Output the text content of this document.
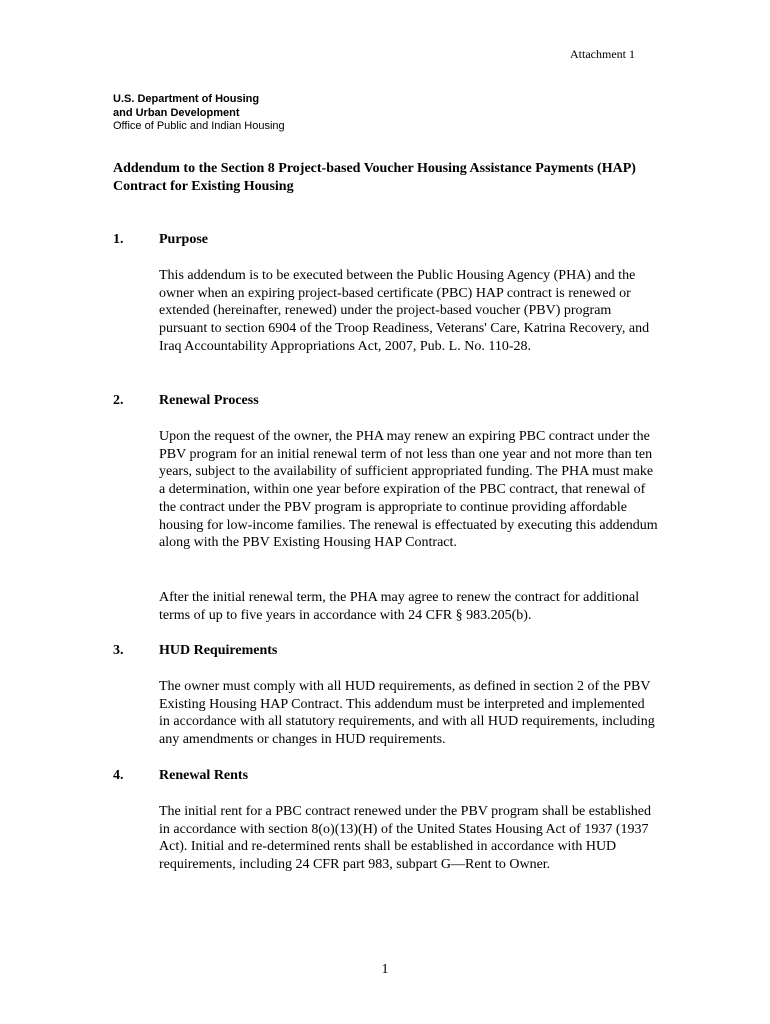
Attachment 1
U.S. Department of Housing
and Urban Development
Office of Public and Indian Housing
Addendum to the Section 8 Project-based Voucher Housing Assistance Payments (HAP) Contract for Existing Housing
1.	Purpose

This addendum is to be executed between the Public Housing Agency (PHA) and the owner when an expiring project-based certificate (PBC) HAP contract is renewed or extended (hereinafter, renewed) under the project-based voucher (PBV) program pursuant to section 6904 of the Troop Readiness, Veterans' Care, Katrina Recovery, and Iraq Accountability Appropriations Act, 2007, Pub. L. No. 110-28.

2.	Renewal Process

Upon the request of the owner, the PHA may renew an expiring PBC contract under the PBV program for an initial renewal term of not less than one year and not more than ten years, subject to the availability of sufficient appropriated funding. The PHA must make a determination, within one year before expiration of the PBC contract, that renewal of the contract under the PBV program is appropriate to continue providing affordable housing for low-income families. The renewal is effectuated by executing this addendum along with the PBV Existing Housing HAP Contract.

After the initial renewal term, the PHA may agree to renew the contract for additional terms of up to five years in accordance with 24 CFR § 983.205(b).

3.	HUD Requirements

The owner must comply with all HUD requirements, as defined in section 2 of the PBV Existing Housing HAP Contract. This addendum must be interpreted and implemented in accordance with all statutory requirements, and with all HUD requirements, including any amendments or changes in HUD requirements.

4.	Renewal Rents

The initial rent for a PBC contract renewed under the PBV program shall be established in accordance with section 8(o)(13)(H) of the United States Housing Act of 1937 (1937 Act). Initial and re-determined rents shall be established in accordance with HUD requirements, including 24 CFR part 983, subpart G—Rent to Owner.

1
